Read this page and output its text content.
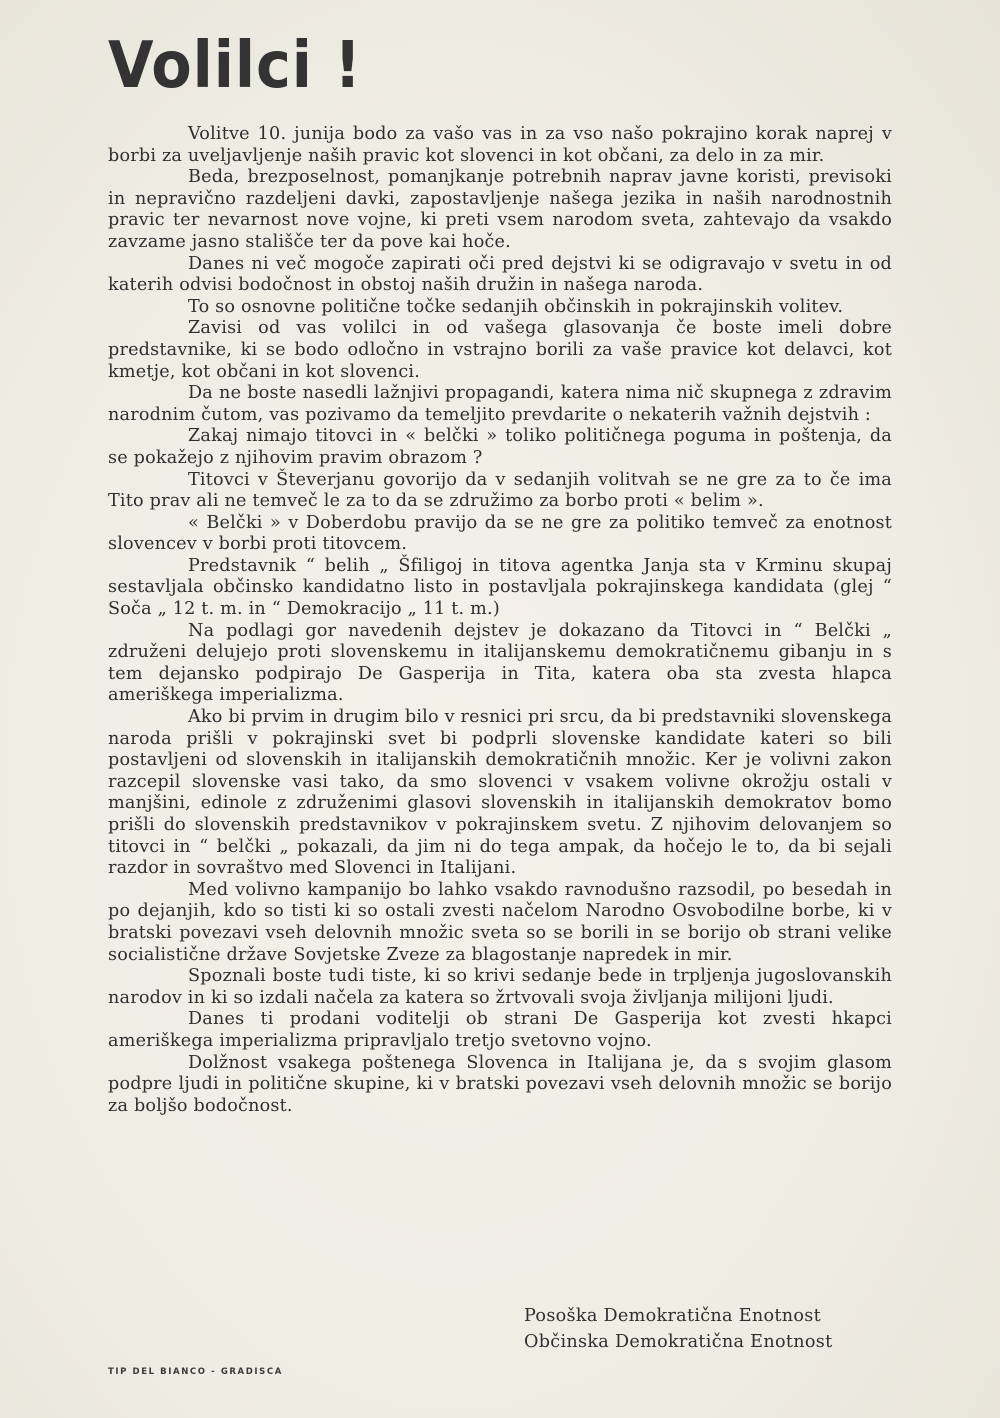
Volilci !

Volitve 10. junija bodo za vašo vas in za vso našo pokrajino korak naprej v borbi za uveljavljenje naših pravic kot slovenci in kot občani, za delo in za mir.

Beda, brezposelnost, pomanjkanje potrebnih naprav javne koristi, previsoki in nepravično razdeljeni davki, zapostavljenje našega jezika in naših narodnostnih pravic ter nevarnost nove vojne, ki preti vsem narodom sveta, zahtevajo da vsakdo zavzame jasno stališče ter da pove kai hoče.

Danes ni več mogoče zapirati oči pred dejstvi ki se odigravajo v svetu in od katerih odvisi bodočnost in obstoj naših družin in našega naroda.

To so osnovne politične točke sedanjih občinskih in pokrajinskih volitev.

Zavisi od vas volilci in od vašega glasovanja če boste imeli dobre predstavnike, ki se bodo odločno in vstrajno borili za vaše pravice kot delavci, kot kmetje, kot občani in kot slovenci.

Da ne boste nasedli lažnjivi propagandi, katera nima nič skupnega z zdravim narodnim čutom, vas pozivamo da temeljito prevdarite o nekaterih važnih dejstvih :

Zakaj nimajo titovci in « belčki » toliko političnega poguma in poštenja, da se pokažejo z njihovim pravim obrazom ?

Titovci v Števerjanu govorijo da v sedanjih volitvah se ne gre za to če ima Tito prav ali ne temveč le za to da se združimo za borbo proti « belim ».

« Belčki » v Doberdobu pravijo da se ne gre za politiko temveč za enotnost slovencev v borbi proti titovcem.

Predstavnik “ belih „ Šfiligoj in titova agentka Janja sta v Krminu skupaj sestavljala občinsko kandidatno listo in postavljala pokrajinskega kandidata (glej “ Soča „ 12 t. m. in “ Demokracijo „ 11 t. m.)

Na podlagi gor navedenih dejstev je dokazano da Titovci in “ Belčki „ združeni delujejo proti slovenskemu in italijanskemu demokratičnemu gibanju in s tem dejansko podpirajo De Gasperija in Tita, katera oba sta zvesta hlapca ameriškega imperializma.

Ako bi prvim in drugim bilo v resnici pri srcu, da bi predstavniki slovenskega naroda prišli v pokrajinski svet bi podprli slovenske kandidate kateri so bili postavljeni od slovenskih in italijanskih demokratičnih množic. Ker je volivni zakon razcepil slovenske vasi tako, da smo slovenci v vsakem volivne okrožju ostali v manjšini, edinole z združenimi glasovi slovenskih in italijanskih demokratov bomo prišli do slovenskih predstavnikov v pokrajinskem svetu. Z njihovim delovanjem so titovci in “ belčki „ pokazali, da jim ni do tega ampak, da hočejo le to, da bi sejali razdor in sovraštvo med Slovenci in Italijani.

Med volivno kampanijo bo lahko vsakdo ravnodušno razsodil, po besedah in po dejanjih, kdo so tisti ki so ostali zvesti načelom Narodno Osvobodilne borbe, ki v bratski povezavi vseh delovnih množic sveta so se borili in se borijo ob strani velike socialistične države Sovjetske Zveze za blagostanje napredek in mir.

Spoznali boste tudi tiste, ki so krivi sedanje bede in trpljenja jugoslovanskih narodov in ki so izdali načela za katera so žrtvovali svoja življanja milijoni ljudi.

Danes ti prodani voditelji ob strani De Gasperija kot zvesti hkapci ameriškega imperializma pripravljalo tretjo svetovno vojno.

Dolžnost vsakega poštenega Slovenca in Italijana je, da s svojim glasom podpre ljudi in politične skupine, ki v bratski povezavi vseh delovnih množic se borijo za boljšo bodočnost.

Posoška Demokratična Enotnost
Občinska Demokratična Enotnost
TIP DEL BIANCO - GRADISCA
